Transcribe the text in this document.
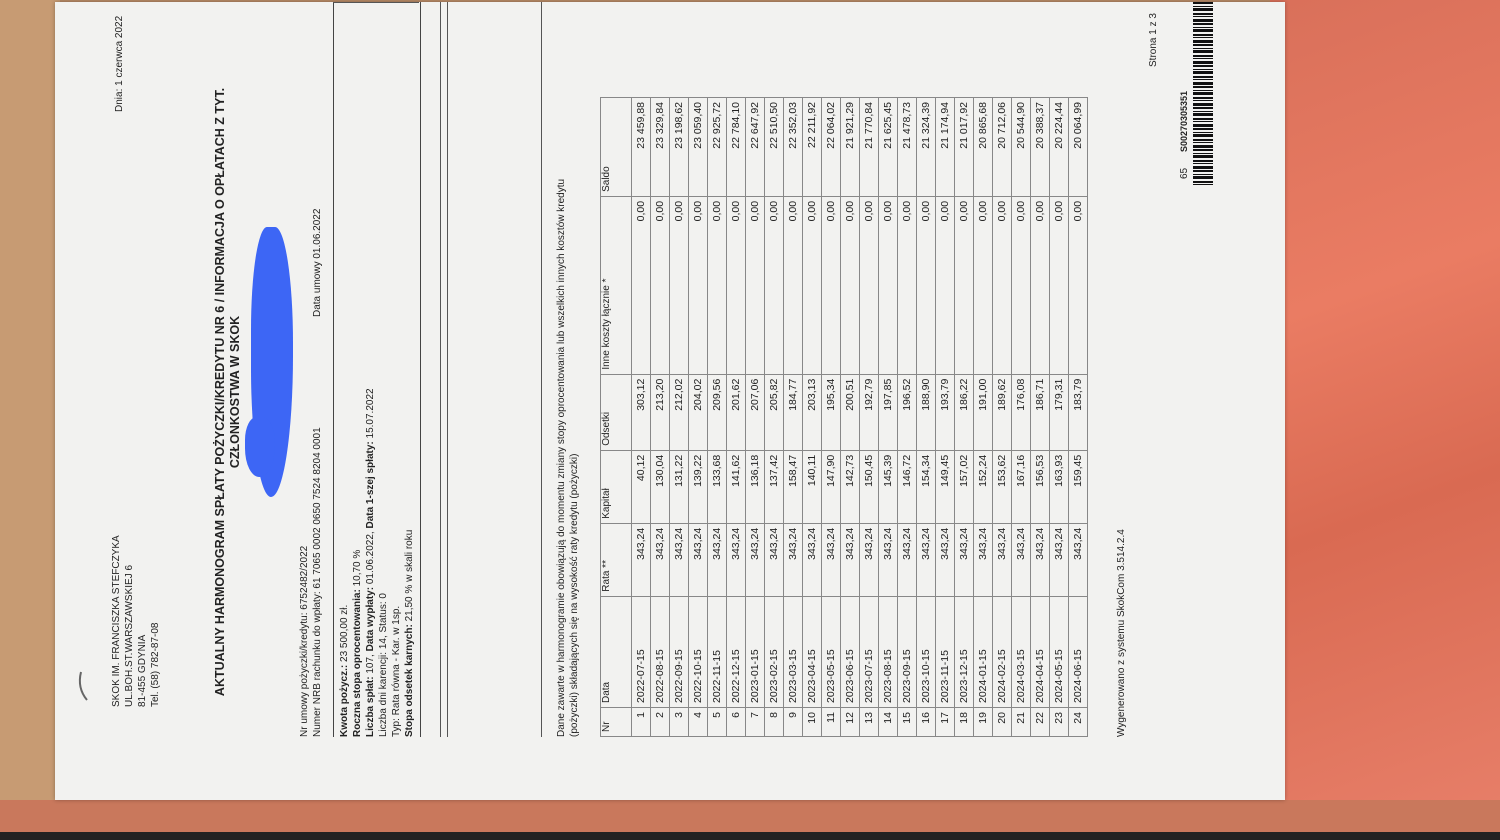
SKOK IM. FRANCISZKA STEFCZYKA UL.BOH.ST.WARSZAWSKIEJ 6 81-455 GDYNIA Tel. (58) 782-87-08
Dnia: 1 czerwca 2022
AKTUALNY HARMONOGRAM SPŁATY POŻYCZKI/KREDYTU NR 6 / INFORMACJA O OPŁATACH Z TYT. CZŁONKOSTWA W SKOK
Nr umowy pożyczki/kredytu: 6752482/2022 Numer NRB rachunku do wpłaty: 61 7065 0002 0650 7524 8204 0001
Data umowy 01.06.2022
Kwota pożycz.: 23 500,00 zł. Roczna stopa oprocentowania: 10,70 %
Liczba spłat: 107, Data wypłaty: 01.06.2022, Data 1-szej spłaty: 15.07.2022
Liczba dni karencji: 14, Status: 0 Typ: Rata równa - Kar. w 1sp. Stopa odsetek karnych: 21,50 % w skali roku	Dane zawarte w harmonogramie obowiązują do momentu zmiany stopy oprocentowania lub wszelkich innych kosztów kredytu (pożyczki) składających się na wysokość raty kredytu (pożyczki) Nr	Data	Rata **	Kapitał	Odsetki	Inne koszty łącznie *	Saldo
1	2022-07-15	343,24	40,12	303,12	0,00	23 459,88
2	2022-08-15	343,24	130,04	213,20	0,00	23 329,84
3	2022-09-15	343,24	131,22	212,02	0,00	23 198,62
4	2022-10-15	343,24	139,22	204,02	0,00	23 059,40
5	2022-11-15	343,24	133,68	209,56	0,00	22 925,72
6	2022-12-15	343,24	141,62	201,62	0,00	22 784,10
7	2023-01-15	343,24	136,18	207,06	0,00	22 647,92
8	2023-02-15	343,24	137,42	205,82	0,00	22 510,50
9	2023-03-15	343,24	158,47	184,77	0,00	22 352,03
10	2023-04-15	343,24	140,11	203,13	0,00	22 211,92
11	2023-05-15	343,24	147,90	195,34	0,00	22 064,02
12	2023-06-15	343,24	142,73	200,51	0,00	21 921,29
13	2023-07-15	343,24	150,45	192,79	0,00	21 770,84
14	2023-08-15	343,24	145,39	197,85	0,00	21 625,45
15	2023-09-15	343,24	146,72	196,52	0,00	21 478,73
16	2023-10-15	343,24	154,34	188,90	0,00	21 324,39
17	2023-11-15	343,24	149,45	193,79	0,00	21 174,94
18	2023-12-15	343,24	157,02	186,22	0,00	21 017,92
19	2024-01-15	343,24	152,24	191,00	0,00	20 865,68
20	2024-02-15	343,24	153,62	189,62	0,00	20 712,06
21	2024-03-15	343,24	167,16	176,08	0,00	20 544,90
22	2024-04-15	343,24	156,53	186,71	0,00	20 388,37
23	2024-05-15	343,24	163,93	179,31	0,00	20 224,44
24	2024-06-15	343,24	159,45	183,79	0,00	20 064,99
Wygenerowano z systemu SkokCom 3.514.2.4
Strona 1 z 3
65
S00270305351
